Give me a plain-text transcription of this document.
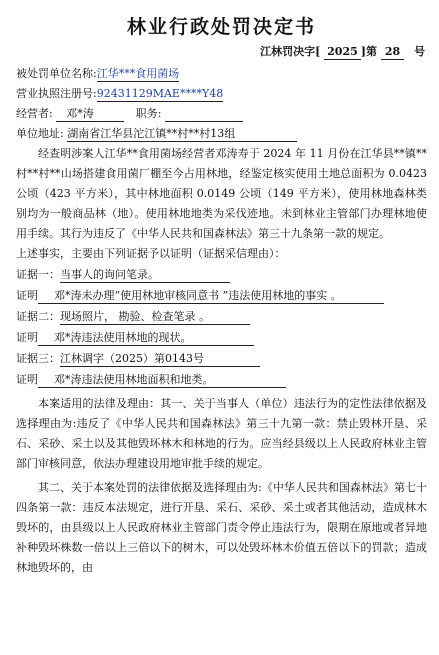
林业行政处罚决定书
江林罚决字[ 2025 ]第 28 号
被处罚单位名称:江华***食用菌场
营业执照注册号:92431129MAE****Y48
经营者: 邓*涛	职务:
单位地址: 湖南省江华县沱江镇**村**村13组
经查明涉案人江华**食用菌场经营者邓涛寿于 2024 年 11 月份在江华县**镇**村**村**山场搭建食用菌厂棚至今占用林地，经鉴定核实使用土地总面积为 0.0423 公顷（423 平方米），其中林地面积 0.0149 公顷（149 平方米），使用林地森林类别均为一般商品林（地）。使用林地地类为采伐迹地。未到林业主管部门办理林地使用手续。其行为违反了《中华人民共和国森林法》第三十九条第一款的规定。
上述事实，主要由下列证据予以证明（证据采信理由）：
证据一：当事人的询问笔录。
证明 邓*涛未办理“使用林地审核同意书 ”违法使用林地的事实 。
证据二：现场照片， 勘验、检查笔录 。
证明 邓*涛违法使用林地的现状。
证据三：江林调字（2025）第0143号
证明 邓*涛违法使用林地面积和地类。
本案适用的法律及理由：其一、关于当事人（单位）违法行为的定性法律依据及选择理由为:违反了《中华人民共和国森林法》第三十九第一款：禁止毁林开垦、采石、采砂、采土以及其他毁坏林木和林地的行为。应当经县级以上人民政府林业主管部门审核同意，依法办理建设用地审批手续的规定。
其二、关于本案处罚的法律依据及选择理由为:《中华人民共和国森林法》第七十四条第一款：违反本法规定，进行开垦、采石、采砂、采土或者其他活动，造成林木毁坏的，由县级以上人民政府林业主管部门责令停止违法行为，限期在原地或者异地补种毁坏株数一倍以上三倍以下的树木，可以处毁坏林木价值五倍以下的罚款；造成林地毁坏的，由
